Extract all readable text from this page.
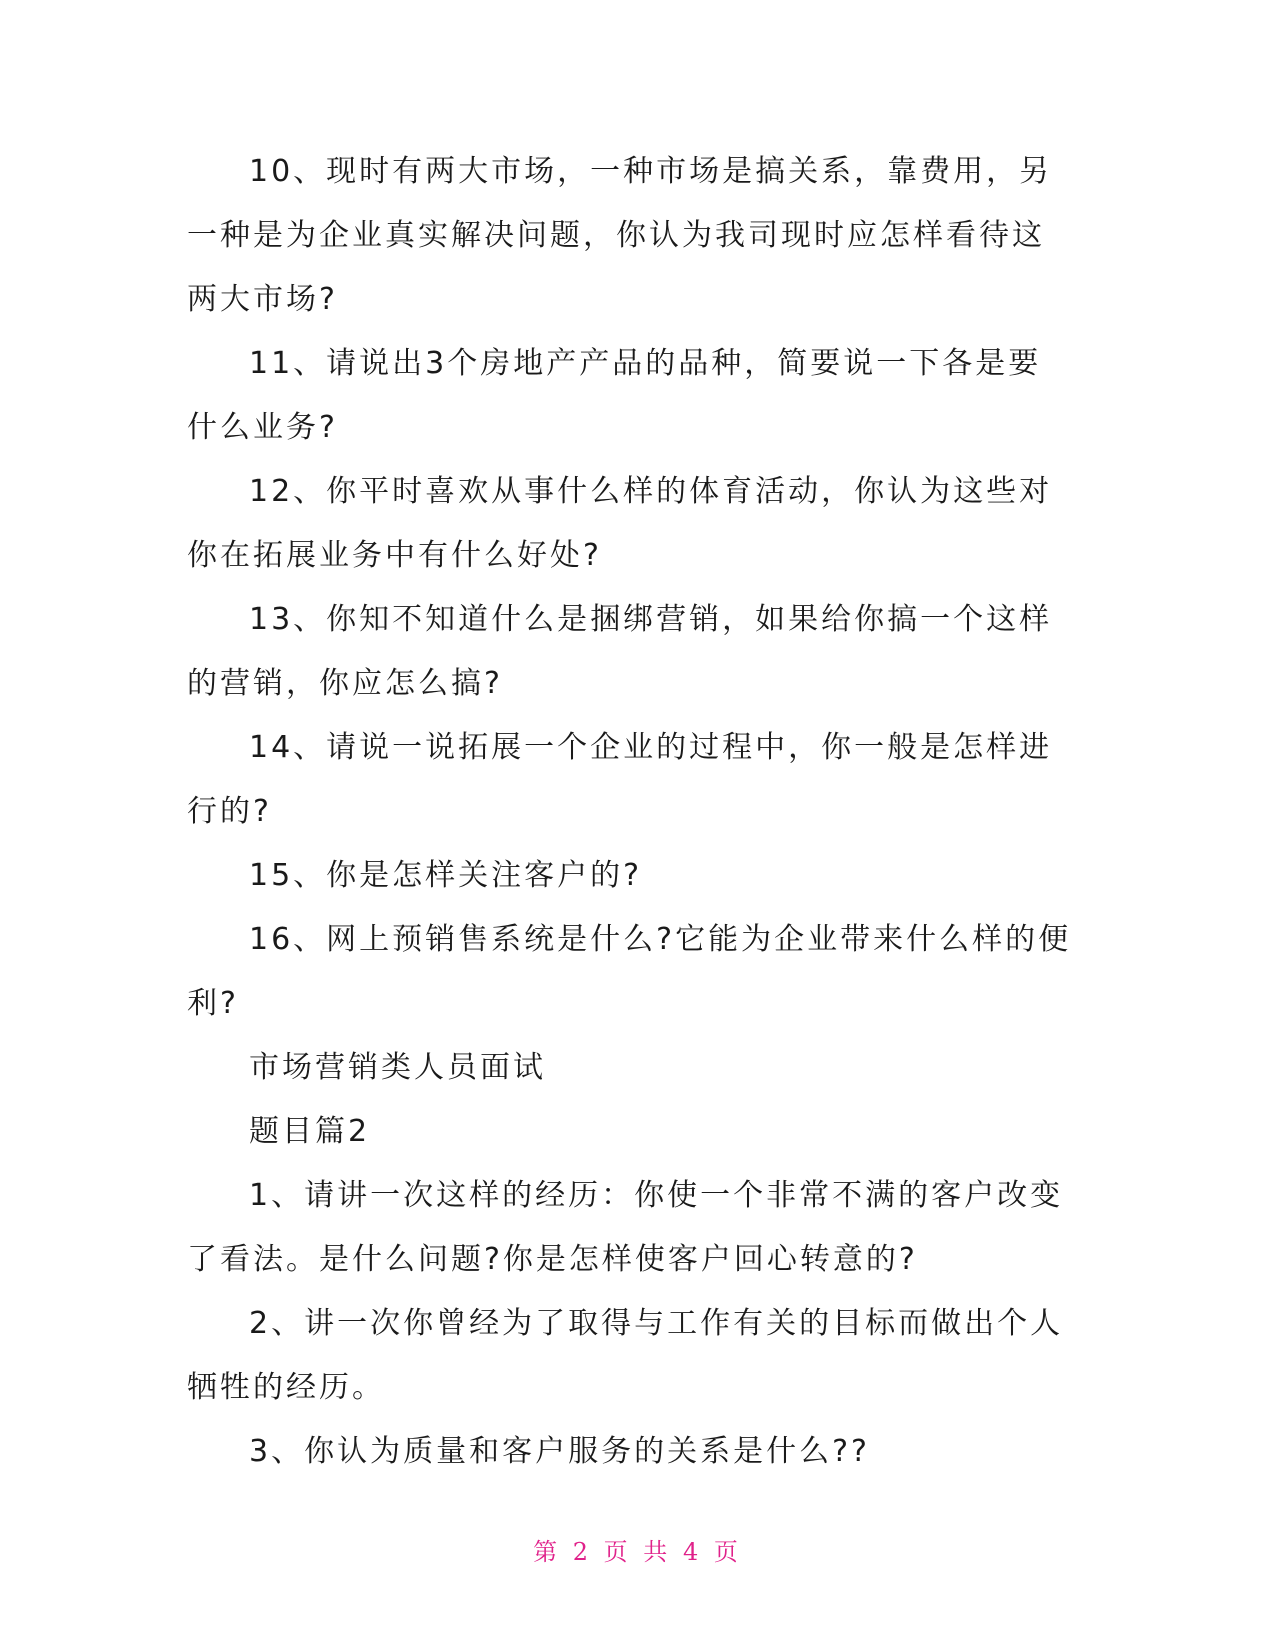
10、现时有两大市场，一种市场是搞关系，靠费用，另一种是为企业真实解决问题，你认为我司现时应怎样看待这两大市场?

11、请说出3个房地产产品的品种，简要说一下各是要什么业务?

12、你平时喜欢从事什么样的体育活动，你认为这些对你在拓展业务中有什么好处?

13、你知不知道什么是捆绑营销，如果给你搞一个这样的营销，你应怎么搞?

14、请说一说拓展一个企业的过程中，你一般是怎样进行的?

15、你是怎样关注客户的?

16、网上预销售系统是什么?它能为企业带来什么样的便利?

市场营销类人员面试

题目篇2

1、请讲一次这样的经历：你使一个非常不满的客户改变了看法。是什么问题?你是怎样使客户回心转意的?

2、讲一次你曾经为了取得与工作有关的目标而做出个人牺牲的经历。

3、你认为质量和客户服务的关系是什么??

第 2 页 共 4 页
